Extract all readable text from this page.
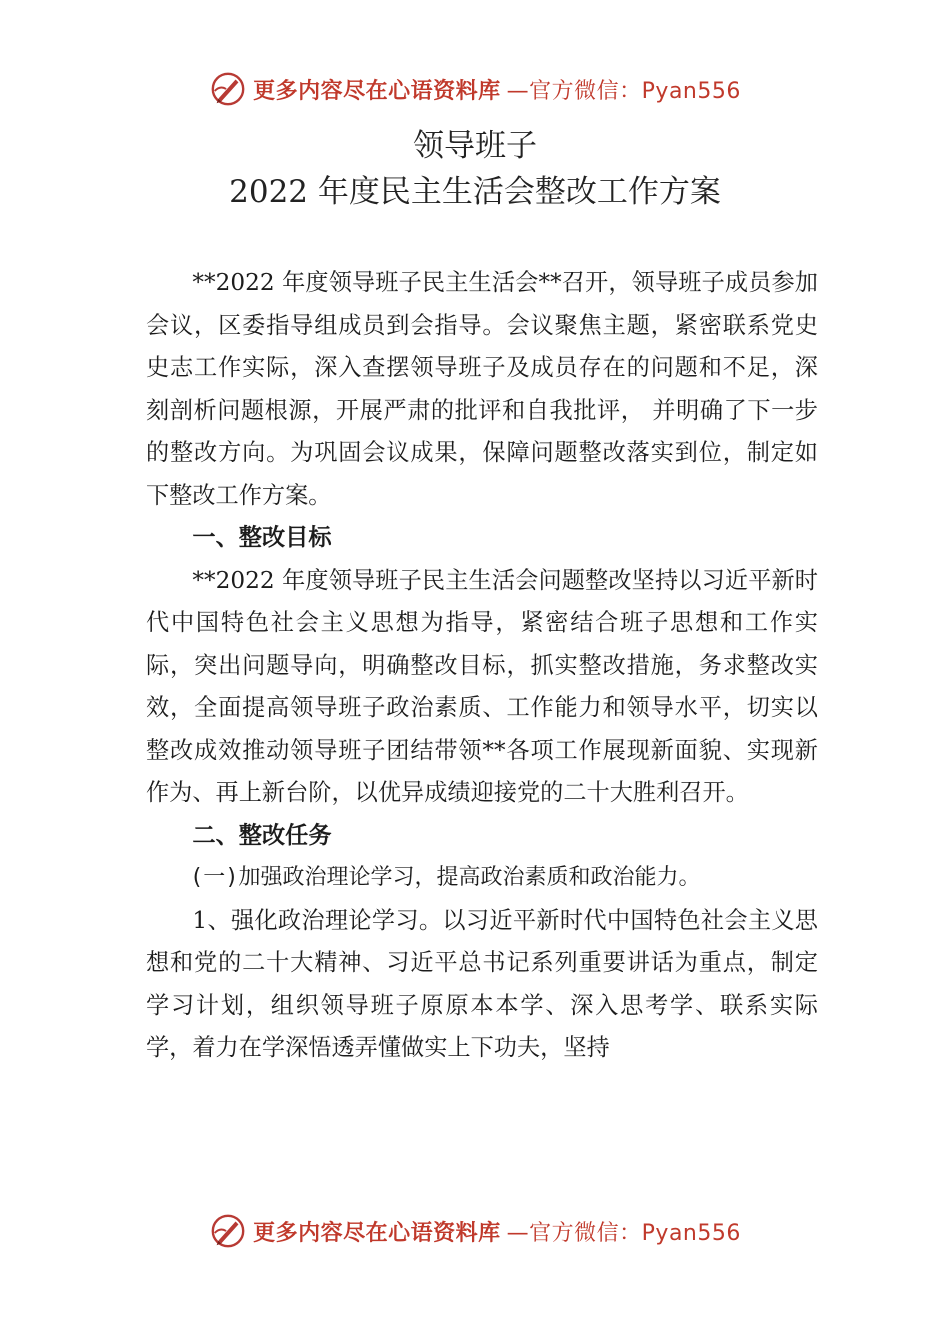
更多内容尽在心语资料库 —官方微信：Pyan556
领导班子
2022 年度民主生活会整改工作方案

**2022 年度领导班子民主生活会**召开，领导班子成员参加会议，区委指导组成员到会指导。会议聚焦主题，紧密联系党史史志工作实际，深入查摆领导班子及成员存在的问题和不足，深刻剖析问题根源，开展严肃的批评和自我批评， 并明确了下一步的整改方向。为巩固会议成果，保障问题整改落实到位，制定如下整改工作方案。

一、整改目标

**2022 年度领导班子民主生活会问题整改坚持以习近平新时代中国特色社会主义思想为指导，紧密结合班子思想和工作实际，突出问题导向，明确整改目标，抓实整改措施，务求整改实效，全面提高领导班子政治素质、工作能力和领导水平，切实以整改成效推动领导班子团结带领**各项工作展现新面貌、实现新作为、再上新台阶，以优异成绩迎接党的二十大胜利召开。

二、整改任务

(一)加强政治理论学习，提高政治素质和政治能力。

1、强化政治理论学习。以习近平新时代中国特色社会主义思想和党的二十大精神、习近平总书记系列重要讲话为重点，制定学习计划，组织领导班子原原本本学、深入思考学、联系实际学，着力在学深悟透弄懂做实上下功夫，坚持

更多内容尽在心语资料库 —官方微信：Pyan556
